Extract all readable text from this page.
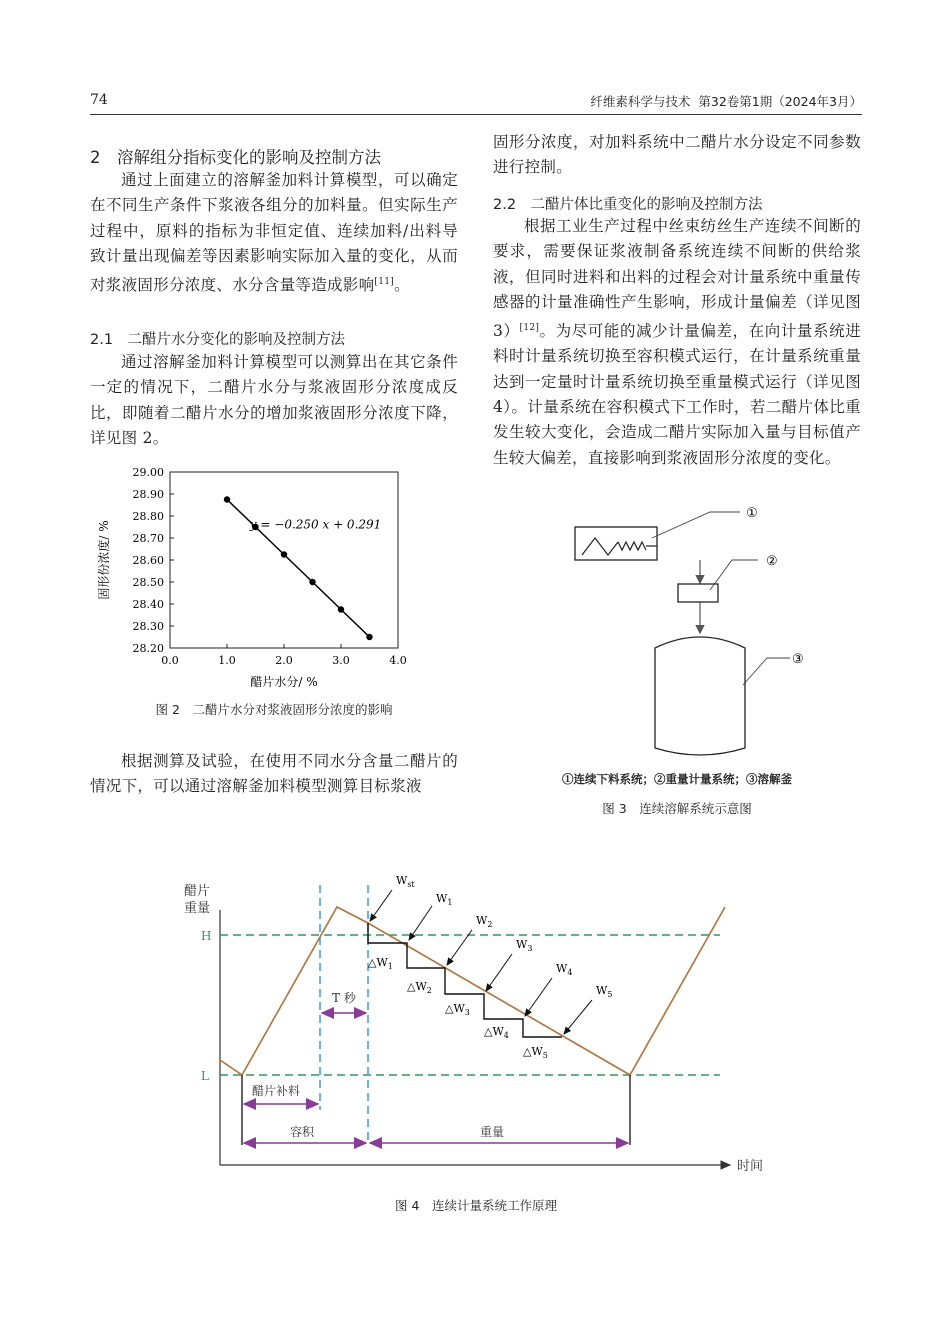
74	纤维素科学与技术 第32卷第1期（2024年3月）
2　溶解组分指标变化的影响及控制方法
通过上面建立的溶解釜加料计算模型，可以确定在不同生产条件下浆液各组分的加料量。但实际生产过程中，原料的指标为非恒定值、连续加料/出料导致计量出现偏差等因素影响实际加入量的变化，从而对浆液固形分浓度、水分含量等造成影响[11]。
2.1　二醋片水分变化的影响及控制方法
通过溶解釜加料计算模型可以测算出在其它条件一定的情况下，二醋片水分与浆液固形分浓度成反比，即随着二醋片水分的增加浆液固形分浓度下降，详见图 2。
28.20
28.30
28.40
28.50
28.60
28.70
28.80
28.90
29.00
0.0	1.0	2.0	3.0	4.0
y = −0.250 x + 0.291
醋片水分/ %
固形份浓度/ %
图 2　二醋片水分对浆液固形分浓度的影响
根据测算及试验，在使用不同水分含量二醋片的情况下，可以通过溶解釜加料模型测算目标浆液
固形分浓度，对加料系统中二醋片水分设定不同参数进行控制。
2.2　二醋片体比重变化的影响及控制方法
根据工业生产过程中丝束纺丝生产连续不间断的要求，需要保证浆液制备系统连续不间断的供给浆液，但同时进料和出料的过程会对计量系统中重量传感器的计量准确性产生影响，形成计量偏差（详见图 3）[12]。为尽可能的减少计量偏差，在向计量系统进料时计量系统切换至容积模式运行，在计量系统重量达到一定量时计量系统切换至重量模式运行（详见图 4）。计量系统在容积模式下工作时，若二醋片体比重发生较大变化，会造成二醋片实际加入量与目标值产生较大偏差，直接影响到浆液固形分浓度的变化。
①
②
③
①连续下料系统；②重量计量系统；③溶解釜
图 3　连续溶解系统示意图
醋片
重量
时间
H
L
$W_{st}$
$W_1$
$W_2$
$W_3$
$W_4$
$W_5$
$\triangle W_1$
$\triangle W_2$
$\triangle W_3$
$\triangle W_4$
$\triangle W_5$
T 秒
醋片补料
容积	重量
图 4　连续计量系统工作原理
